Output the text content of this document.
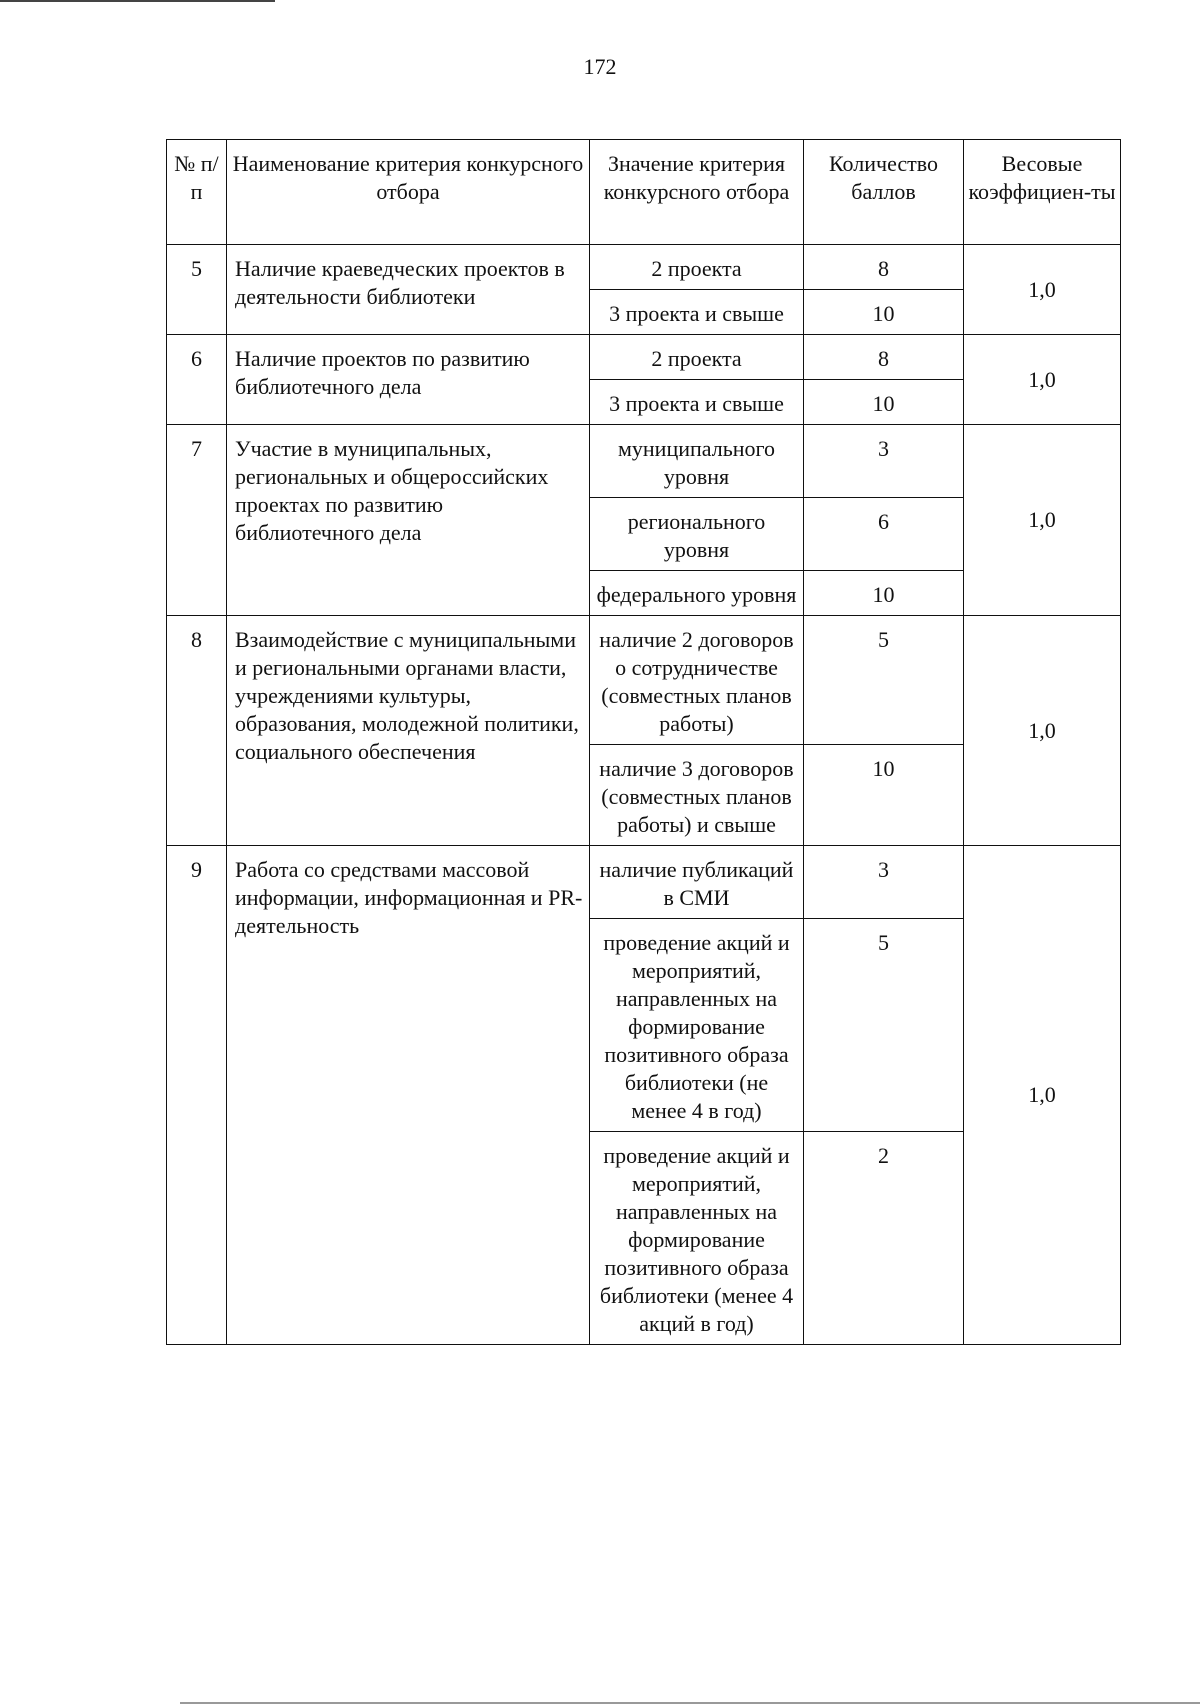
172
№ п/п	Наименование критерия конкурсного отбора	Значение критерия конкурсного отбора	Количество баллов	Весовые коэффициен-ты
5	Наличие краеведческих проектов в деятельности библиотеки	2 проекта	8	1,0
		3 проекта и свыше	10	
6	Наличие проектов по развитию библиотечного дела	2 проекта	8	1,0
		3 проекта и свыше	10	
7	Участие в муниципальных, региональных и общероссийских проектах по развитию библиотечного дела	муниципального уровня	3	1,0
		регионального уровня	6	
		федерального уровня	10	
8	Взаимодействие с муниципальными и региональными органами власти, учреждениями культуры, образования, молодежной политики, социального обеспечения	наличие 2 договоров о сотрудничестве (совместных планов работы)	5	1,0
		наличие 3 договоров (совместных планов работы) и свыше	10	
9	Работа со средствами массовой информации, информационная и PR-деятельность	наличие публикаций в СМИ	3	1,0
		проведение акций и мероприятий, направленных на формирование позитивного образа библиотеки (не менее 4 в год)	5	
		проведение акций и мероприятий, направленных на формирование позитивного образа библиотеки (менее 4 акций в год)	2	
